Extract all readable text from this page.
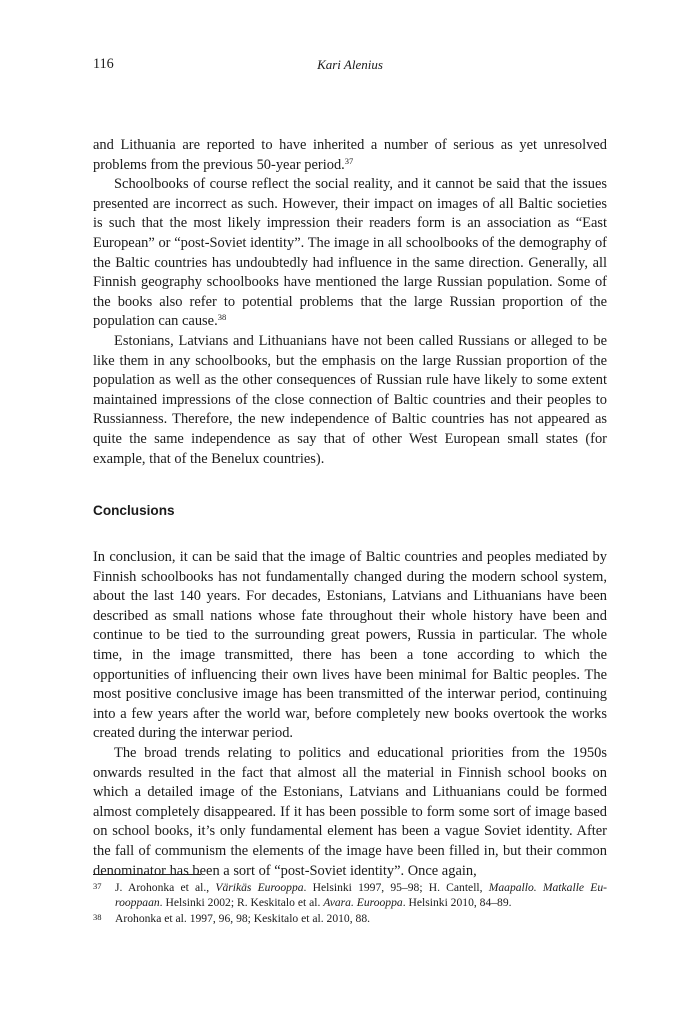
116	Kari Alenius

and Lithuania are reported to have inherited a number of serious as yet unresolved problems from the previous 50-year period.$^{37}$

Schoolbooks of course reflect the social reality, and it cannot be said that the issues presented are incorrect as such. However, their impact on images of all Baltic societies is such that the most likely impression their readers form is an association as “East European” or “post-Soviet identity”. The image in all schoolbooks of the demography of the Baltic countries has undoubtedly had influence in the same direction. Generally, all Finnish geography schoolbooks have mentioned the large Russian population. Some of the books also refer to potential problems that the large Russian proportion of the population can cause.$^{38}$

Estonians, Latvians and Lithuanians have not been called Russians or alleged to be like them in any schoolbooks, but the emphasis on the large Russian proportion of the population as well as the other consequences of Russian rule have likely to some extent maintained impressions of the close connection of Baltic countries and their peoples to Russianness. Therefore, the new independence of Baltic countries has not appeared as quite the same independence as say that of other West European small states (for example, that of the Benelux countries).

Conclusions

In conclusion, it can be said that the image of Baltic countries and peoples mediated by Finnish schoolbooks has not fundamentally changed during the modern school system, about the last 140 years. For decades, Estonians, Latvians and Lithuanians have been described as small nations whose fate throughout their whole history have been and continue to be tied to the surrounding great powers, Russia in particular. The whole time, in the image transmitted, there has been a tone according to which the opportunities of influencing their own lives have been minimal for Baltic peoples. The most positive conclusive image has been transmitted of the interwar period, continuing into a few years after the world war, before completely new books overtook the works created during the interwar period.

The broad trends relating to politics and educational priorities from the 1950s onwards resulted in the fact that almost all the material in Finnish school books on which a detailed image of the Estonians, Latvians and Lithuanians could be formed almost completely disappeared. If it has been possible to form some sort of image based on school books, it’s only fundamental element has been a vague Soviet identity. After the fall of communism the elements of the image have been filled in, but their common denominator has been a sort of “post-Soviet identity”. Once again,

37 J. Arohonka et al., Värikäs Eurooppa. Helsinki 1997, 95–98; H. Cantell, Maapallo. Matkalle Eurooppaan. Helsinki 2002; R. Keskitalo et al. Avara. Eurooppa. Helsinki 2010, 84–89.
38 Arohonka et al. 1997, 96, 98; Keskitalo et al. 2010, 88.
